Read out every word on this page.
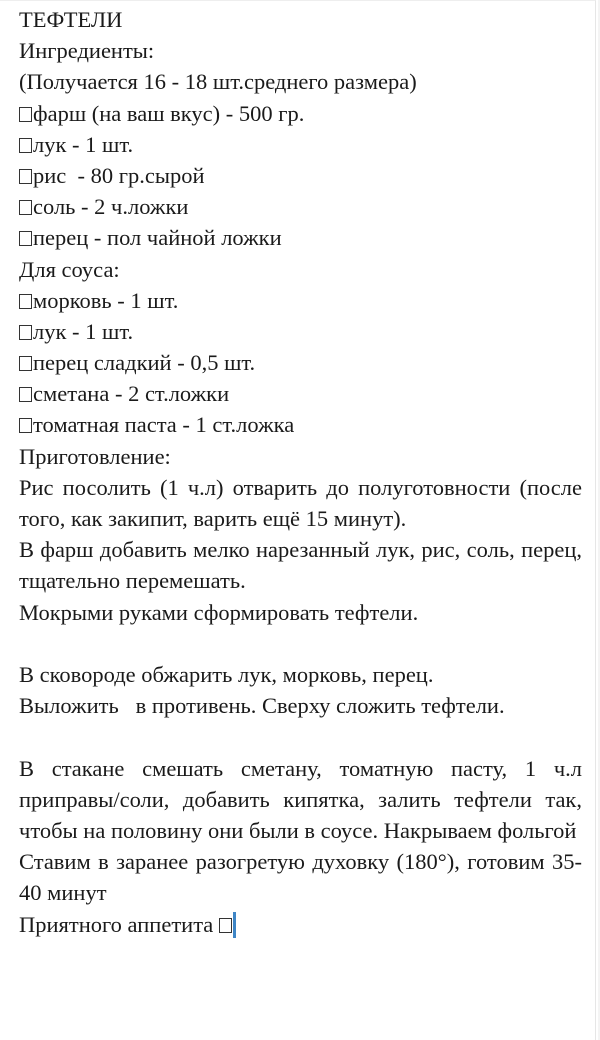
ТЕФТЕЛИ
Ингредиенты:
(Получается 16 - 18 шт.среднего размера)
фарш (на ваш вкус) - 500 гр.
лук - 1 шт.
рис  - 80 гр.сырой
соль - 2 ч.ложки
перец - пол чайной ложки
Для соуса:
морковь - 1 шт.
лук - 1 шт.
перец сладкий - 0,5 шт.
сметана - 2 ст.ложки
томатная паста - 1 ст.ложка
Приготовление:
Рис посолить (1 ч.л) отварить до полуготовности (после того, как закипит, варить ещё 15 минут).
В фарш добавить мелко нарезанный лук, рис, соль, перец, тщательно перемешать.
Мокрыми руками сформировать тефтели.
В сковороде обжарить лук, морковь, перец.
Выложить   в противень. Сверху сложить тефтели.
В стакане смешать сметану, томатную пасту, 1 ч.л приправы/соли, добавить кипятка, залить тефтели так, чтобы на половину они были в соусе. Накрываем фольгой
Ставим в заранее разогретую духовку (180°), готовим 35-40 минут
Приятного аппетита
